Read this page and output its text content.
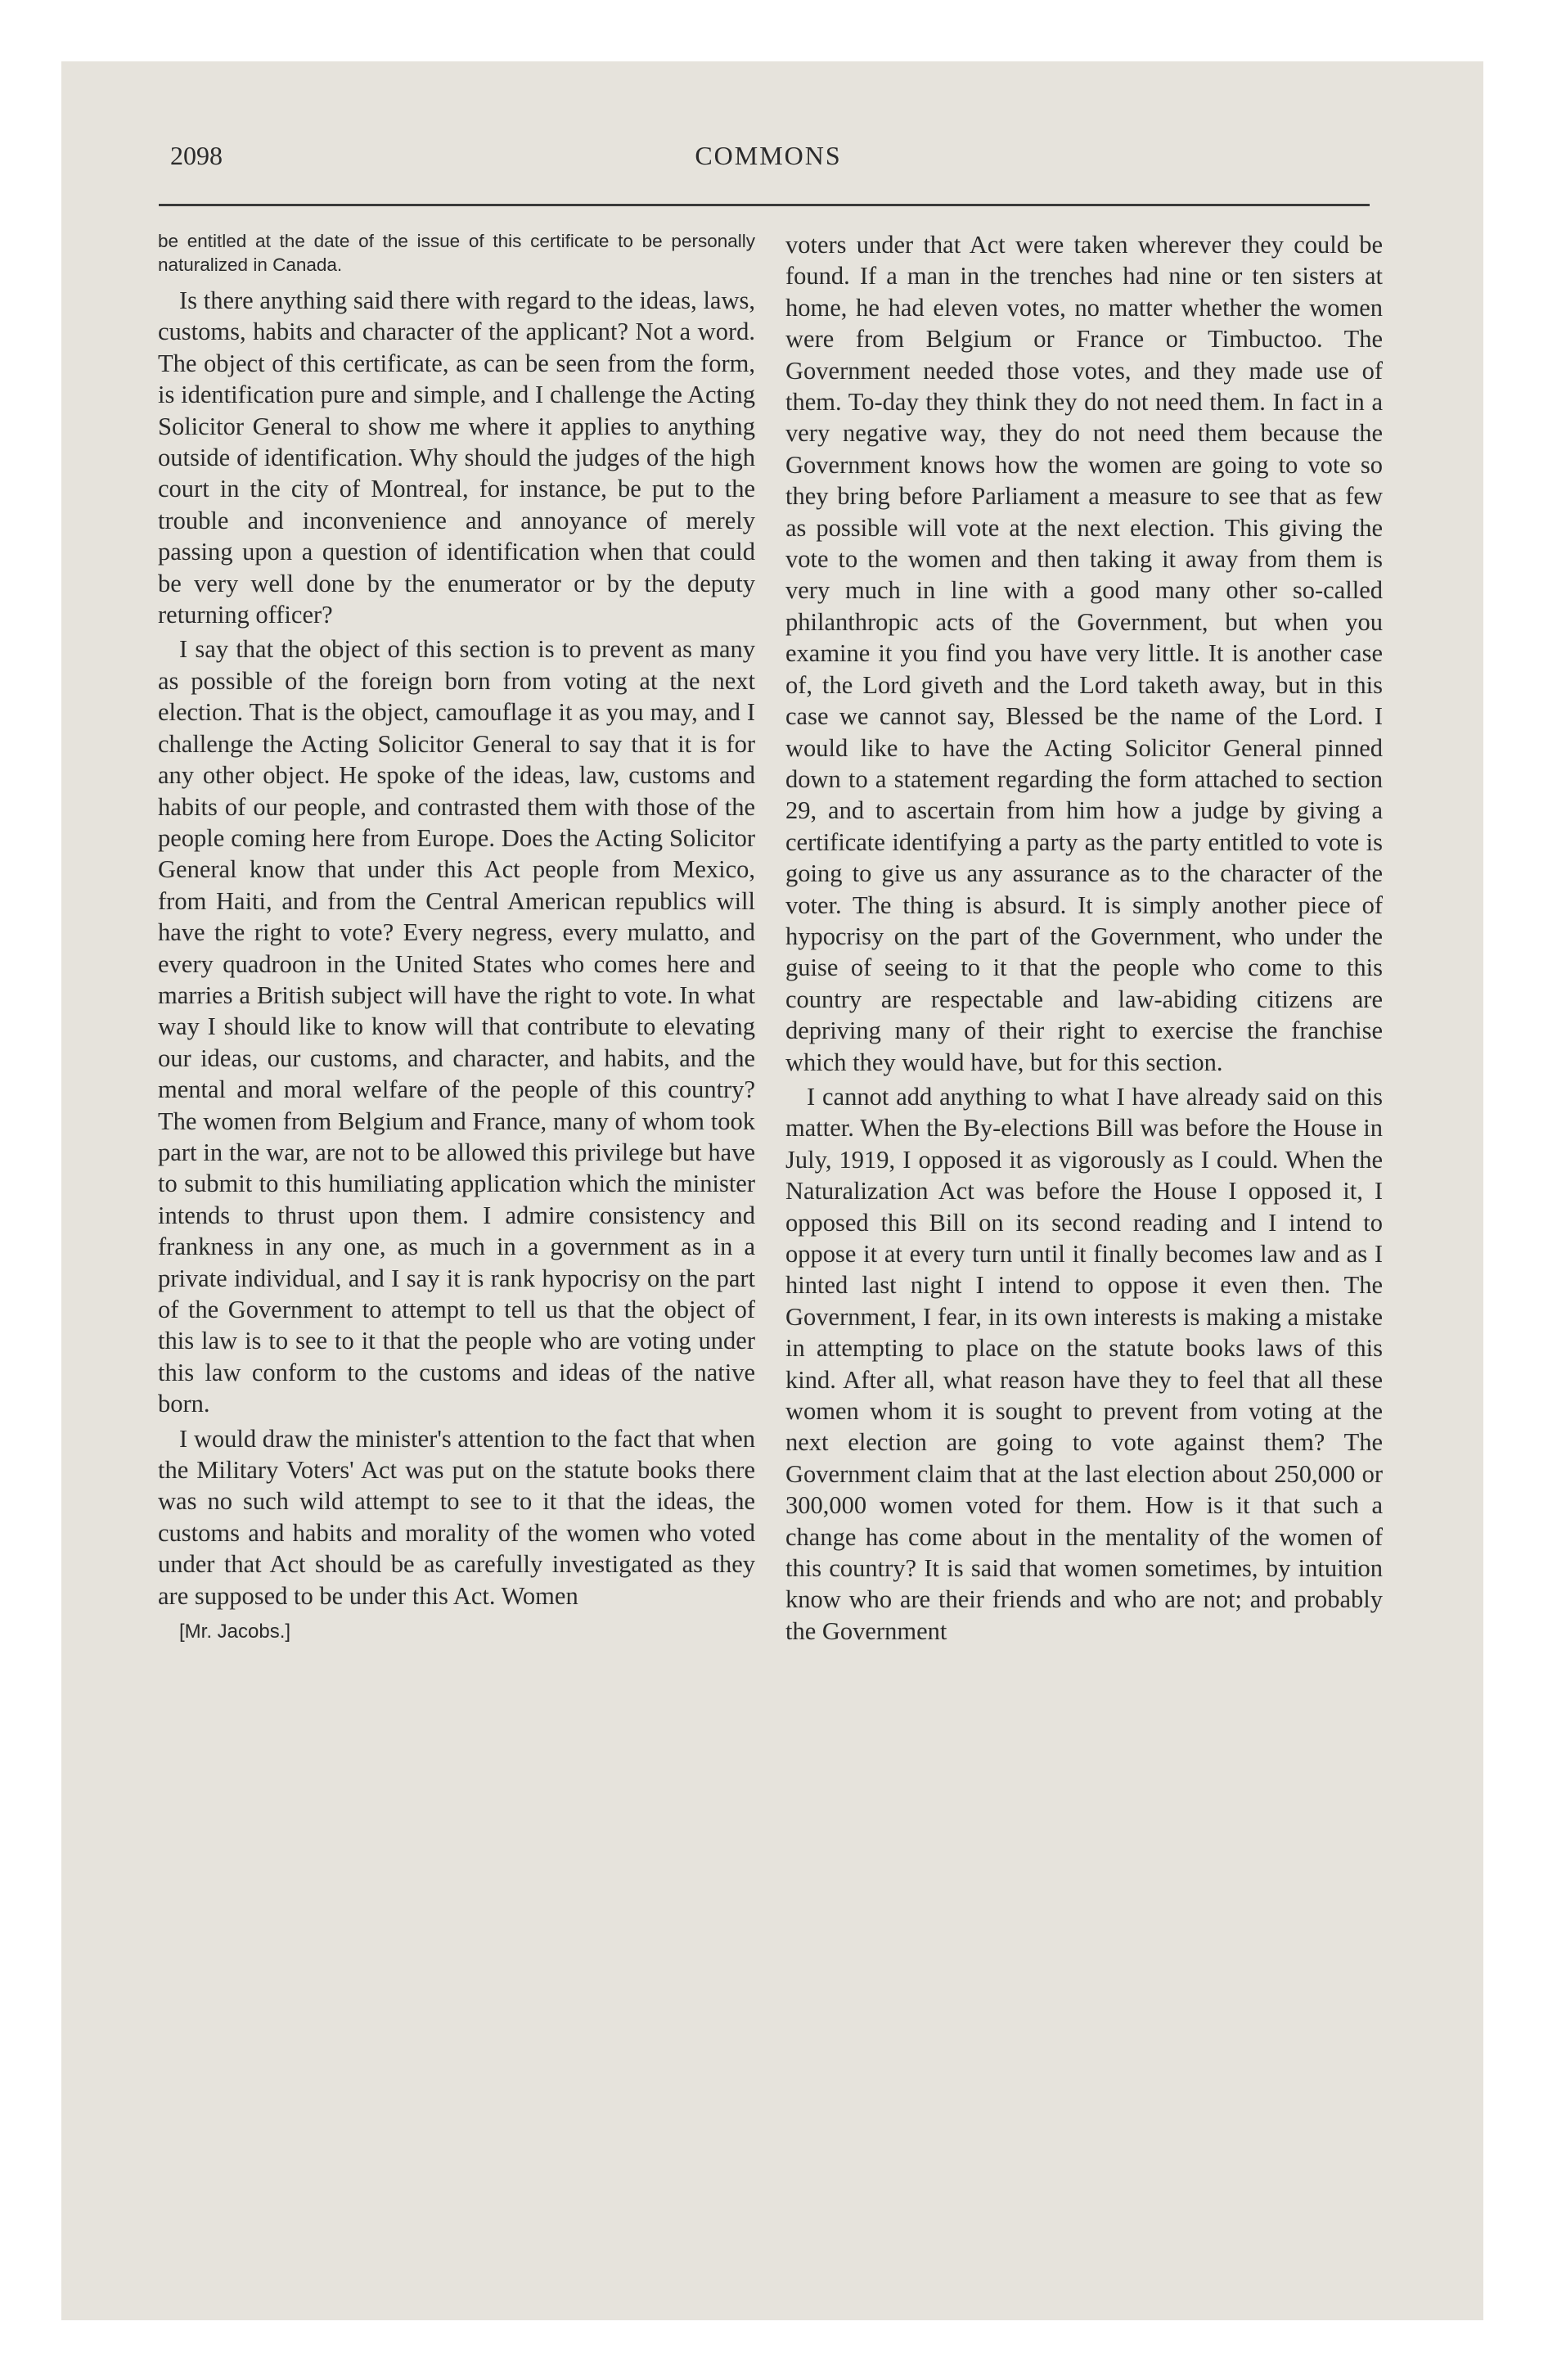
2098	COMMONS

be entitled at the date of the issue of this certificate to be personally naturalized in Canada.

Is there anything said there with regard to the ideas, laws, customs, habits and character of the applicant? Not a word. The object of this certificate, as can be seen from the form, is identification pure and simple, and I challenge the Acting Solicitor General to show me where it applies to anything outside of identification. Why should the judges of the high court in the city of Montreal, for instance, be put to the trouble and inconvenience and annoyance of merely passing upon a question of identification when that could be very well done by the enumerator or by the deputy returning officer?

I say that the object of this section is to prevent as many as possible of the foreign born from voting at the next election. That is the object, camouflage it as you may, and I challenge the Acting Solicitor General to say that it is for any other object. He spoke of the ideas, law, customs and habits of our people, and contrasted them with those of the people coming here from Europe. Does the Acting Solicitor General know that under this Act people from Mexico, from Haiti, and from the Central American republics will have the right to vote? Every negress, every mulatto, and every quadroon in the United States who comes here and marries a British subject will have the right to vote. In what way I should like to know will that contribute to elevating our ideas, our customs, and character, and habits, and the mental and moral welfare of the people of this country? The women from Belgium and France, many of whom took part in the war, are not to be allowed this privilege but have to submit to this humiliating application which the minister intends to thrust upon them. I admire consistency and frankness in any one, as much in a government as in a private individual, and I say it is rank hypocrisy on the part of the Government to attempt to tell us that the object of this law is to see to it that the people who are voting under this law conform to the customs and ideas of the native born.

I would draw the minister's attention to the fact that when the Military Voters' Act was put on the statute books there was no such wild attempt to see to it that the ideas, the customs and habits and morality of the women who voted under that Act should be as carefully investigated as they are supposed to be under this Act. Women

[Mr. Jacobs.]

voters under that Act were taken wherever they could be found. If a man in the trenches had nine or ten sisters at home, he had eleven votes, no matter whether the women were from Belgium or France or Timbuctoo. The Government needed those votes, and they made use of them. To-day they think they do not need them. In fact in a very negative way, they do not need them because the Government knows how the women are going to vote so they bring before Parliament a measure to see that as few as possible will vote at the next election. This giving the vote to the women and then taking it away from them is very much in line with a good many other so-called philanthropic acts of the Government, but when you examine it you find you have very little. It is another case of, the Lord giveth and the Lord taketh away, but in this case we cannot say, Blessed be the name of the Lord. I would like to have the Acting Solicitor General pinned down to a statement regarding the form attached to section 29, and to ascertain from him how a judge by giving a certificate identifying a party as the party entitled to vote is going to give us any assurance as to the character of the voter. The thing is absurd. It is simply another piece of hypocrisy on the part of the Government, who under the guise of seeing to it that the people who come to this country are respectable and law-abiding citizens are depriving many of their right to exercise the franchise which they would have, but for this section.

I cannot add anything to what I have already said on this matter. When the By-elections Bill was before the House in July, 1919, I opposed it as vigorously as I could. When the Naturalization Act was before the House I opposed it, I opposed this Bill on its second reading and I intend to oppose it at every turn until it finally becomes law and as I hinted last night I intend to oppose it even then. The Government, I fear, in its own interests is making a mistake in attempting to place on the statute books laws of this kind. After all, what reason have they to feel that all these women whom it is sought to prevent from voting at the next election are going to vote against them? The Government claim that at the last election about 250,000 or 300,000 women voted for them. How is it that such a change has come about in the mentality of the women of this country? It is said that women sometimes, by intuition know who are their friends and who are not; and probably the Government
